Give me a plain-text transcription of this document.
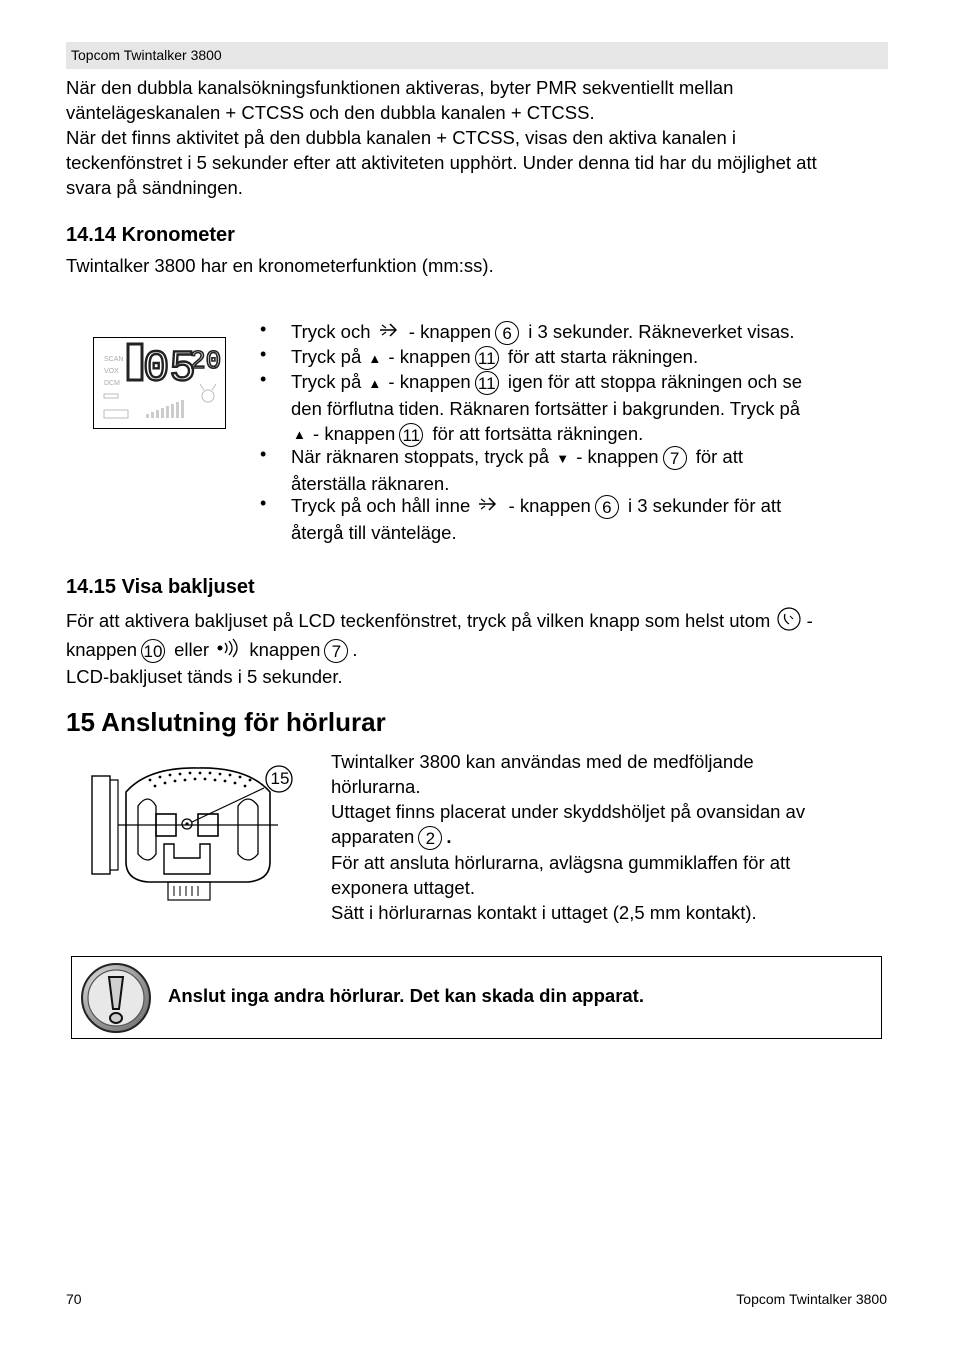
Topcom Twintalker 3800
När den dubbla kanalsökningsfunktionen aktiveras, byter PMR sekventiellt mellan
väntelägeskanalen + CTCSS och den dubbla kanalen + CTCSS.
När det finns aktivitet på den dubbla kanalen + CTCSS, visas den aktiva kanalen i
teckenfönstret i 5 sekunder efter att aktiviteten upphört. Under denna tid har du möjlighet att
svara på sändningen.
14.14 Kronometer
Twintalker 3800 har en kronometerfunktion (mm:ss).
SCAN
VOX
DCM 05
20
• Tryck och - knappen 6 i 3 sekunder. Räkneverket visas.
• Tryck på ▲ - knappen 11 för att starta räkningen.
• Tryck på ▲ - knappen 11 igen för att stoppa räkningen och se
den förflutna tiden. Räknaren fortsätter i bakgrunden. Tryck på
▲ - knappen 11 för att fortsätta räkningen.
• När räknaren stoppats, tryck på ▼ - knappen 7 för att
återställa räknaren.
• Tryck på och håll inne - knappen 6 i 3 sekunder för att
återgå till vänteläge.
14.15 Visa bakljuset
För att aktivera bakljuset på LCD teckenfönstret, tryck på vilken knapp som helst utom -
knappen 10 eller knappen 7 .
LCD-bakljuset tänds i 5 sekunder.
15 Anslutning för hörlurar
15
Twintalker 3800 kan användas med de medföljande
hörlurarna.
Uttaget finns placerat under skyddshöljet på ovansidan av
apparaten 2 .
För att ansluta hörlurarna, avlägsna gummiklaffen för att
exponera uttaget.
Sätt i hörlurarnas kontakt i uttaget (2,5 mm kontakt).
Anslut inga andra hörlurar. Det kan skada din apparat.
70	Topcom Twintalker 3800
